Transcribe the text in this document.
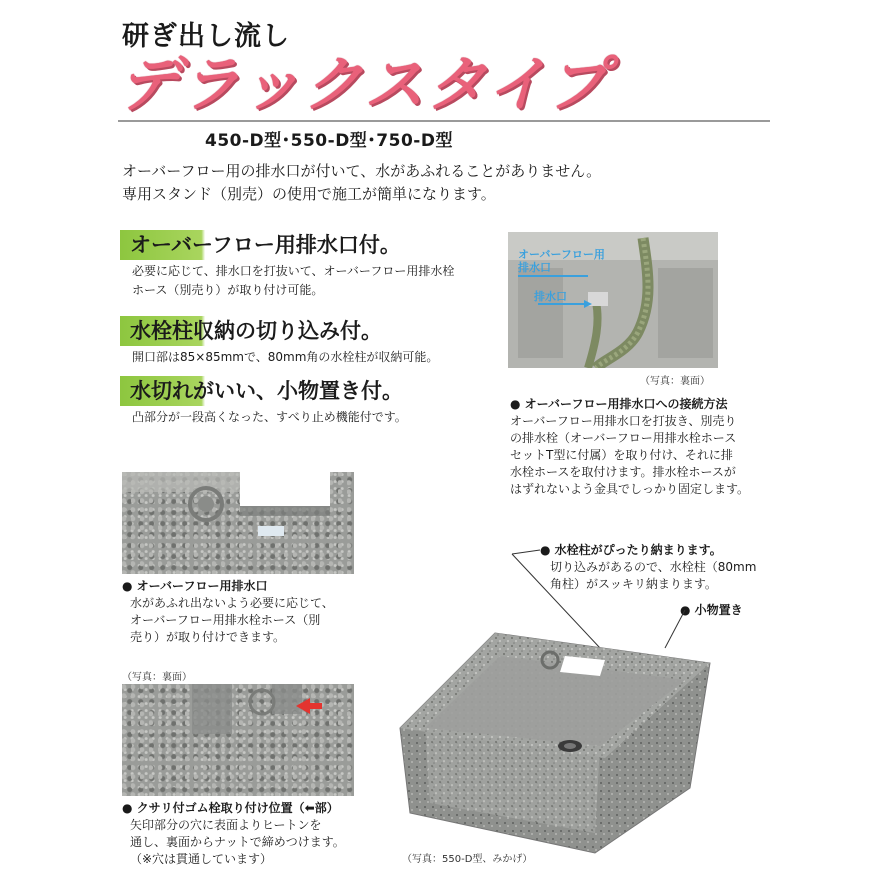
研ぎ出し流し
デラックスタイプ
450-D型･550-D型･750-D型
オーバーフロー用の排水口が付いて、水があふれることがありません。
専用スタンド（別売）の使用で施工が簡単になります。
オーバーフロー用排水口付。
必要に応じて、排水口を打抜いて、オーバーフロー用排水栓
ホース（別売り）が取り付け可能。
水栓柱収納の切り込み付。
開口部は85×85mmで、80mm角の水栓柱が収納可能。
水切れがいい、小物置き付。
凸部分が一段高くなった、すべり止め機能付です。
オーバーフロー用
排水口
排水口
（写真：裏面）
● オーバーフロー用排水口への接続方法
オーバーフロー用排水口を打抜き、別売り
の排水栓（オーバーフロー用排水栓ホース
セットT型に付属）を取り付け、それに排
水栓ホースを取付けます。排水栓ホースが
はずれないよう金具でしっかり固定します。
● オーバーフロー用排水口
水があふれ出ないよう必要に応じて、
オーバーフロー用排水栓ホース（別
売り）が取り付けできます。
（写真：裏面）
● クサリ付ゴム栓取り付け位置（⬅部）
矢印部分の穴に表面よりヒートンを
通し、裏面からナットで締めつけます。
（※穴は貫通しています）
● 水栓柱がぴったり納まります。
切り込みがあるので、水栓柱（80mm
角柱）がスッキリ納まります。
● 小物置き
（写真：550-D型、みかげ）
